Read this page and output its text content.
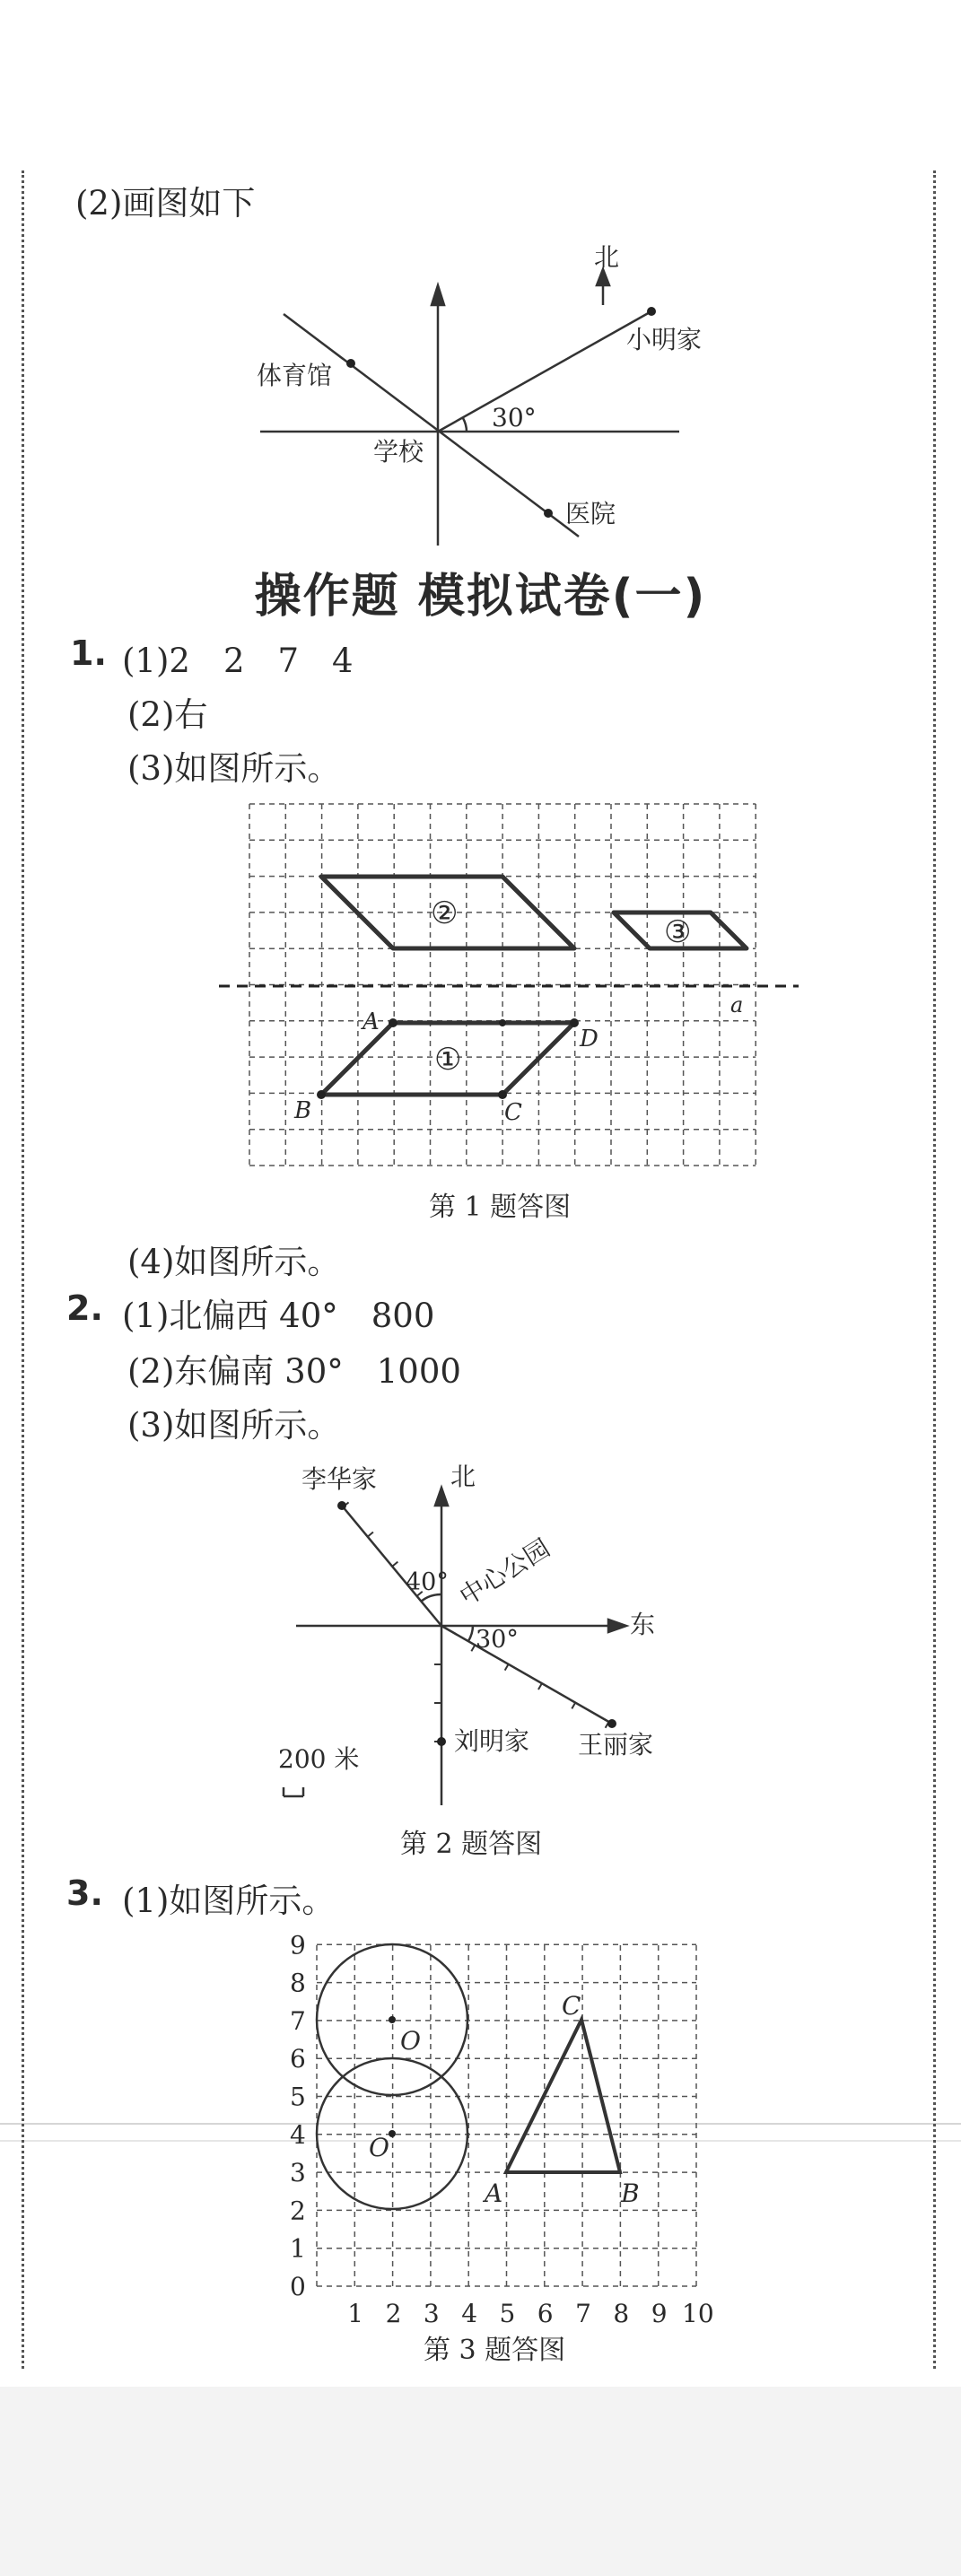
(2)画图如下
北
小明家
体育馆
学校
医院
30°
②
③
①
a
A
D
B	C
北
东
李华家
中心公园
40°
30°
刘明家 王丽家
200 米
0
1
2
3
4
5
6
7
8
9
1 2 3 4 5 6 7 8 9 10
O
O
A	B
C
操作题 模拟试卷(一)
1. (1)2　2　7　4
(2)右
(3)如图所示。
第 1 题答图
(4)如图所示。
2. (1)北偏西 40°　800
(2)东偏南 30°　1000
(3)如图所示。
第 2 题答图
3. (1)如图所示。
第 3 题答图
